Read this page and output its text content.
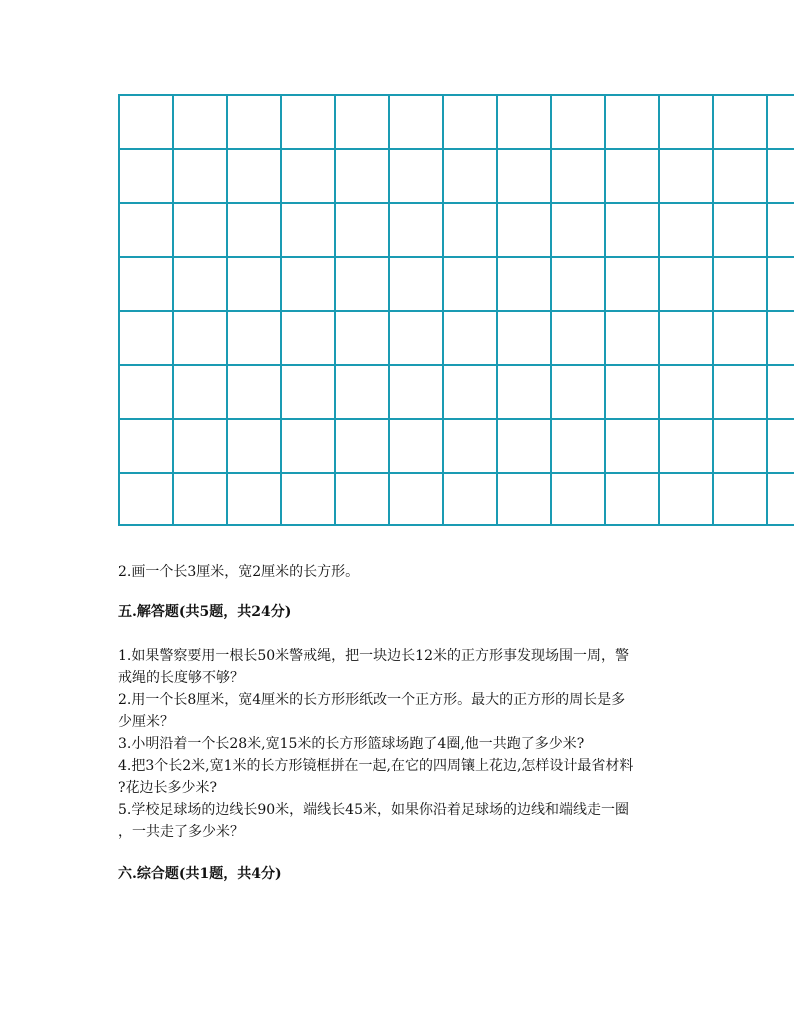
2.画一个长3厘米，宽2厘米的长方形。
五.解答题(共5题，共24分)
1.如果警察要用一根长50米警戒绳，把一块边长12米的正方形事发现场围一周，警
戒绳的长度够不够？
2.用一个长8厘米，宽4厘米的长方形形纸改一个正方形。最大的正方形的周长是多
少厘米？
3.小明沿着一个长28米,宽15米的长方形篮球场跑了4圈,他一共跑了多少米?
4.把3个长2米,宽1米的长方形镜框拼在一起,在它的四周镶上花边,怎样设计最省材料
?花边长多少米?
5.学校足球场的边线长90米，端线长45米，如果你沿着足球场的边线和端线走一圈
，一共走了多少米？
六.综合题(共1题，共4分)
